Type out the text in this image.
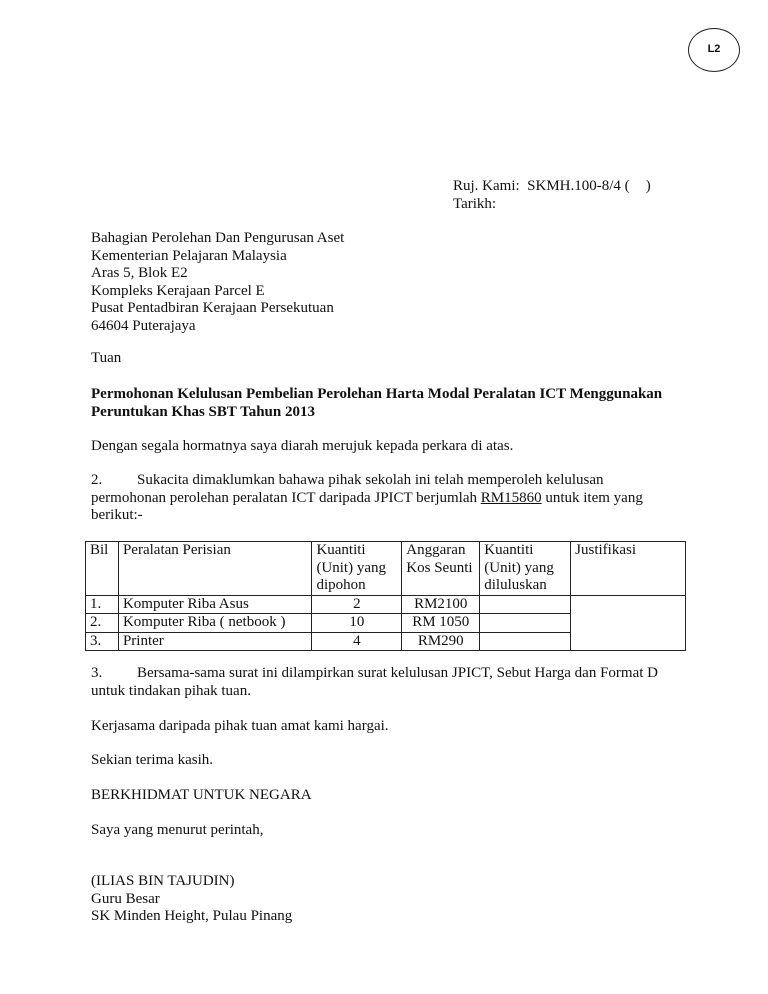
L2
Ruj. Kami: SKMH.100-8/4 ( )
Tarikh:
Bahagian Perolehan Dan Pengurusan Aset
Kementerian Pelajaran Malaysia
Aras 5, Blok E2
Kompleks Kerajaan Parcel E
Pusat Pentadbiran Kerajaan Persekutuan
64604 Puterajaya
Tuan
Permohonan Kelulusan Pembelian Perolehan Harta Modal Peralatan ICT Menggunakan
Peruntukan Khas SBT Tahun 2013
Dengan segala hormatnya saya diarah merujuk kepada perkara di atas.
2. Sukacita dimaklumkan bahawa pihak sekolah ini telah memperoleh kelulusan
permohonan perolehan peralatan ICT daripada JPICT berjumlah RM15860 untuk item yang
berikut:-
Bil	Peralatan Perisian	Kuantiti
(Unit) yang
dipohon	Anggaran
Kos Seunti	Kuantiti
(Unit) yang
diluluskan	Justifikasi
1.	Komputer Riba Asus	2	RM2100		
2.	Komputer Riba ( netbook )	10	RM 1050		
3.	Printer	4	RM290		
3. Bersama-sama surat ini dilampirkan surat kelulusan JPICT, Sebut Harga dan Format D
untuk tindakan pihak tuan.
Kerjasama daripada pihak tuan amat kami hargai.
Sekian terima kasih.
BERKHIDMAT UNTUK NEGARA
Saya yang menurut perintah,
(ILIAS BIN TAJUDIN)
Guru Besar
SK Minden Height, Pulau Pinang
